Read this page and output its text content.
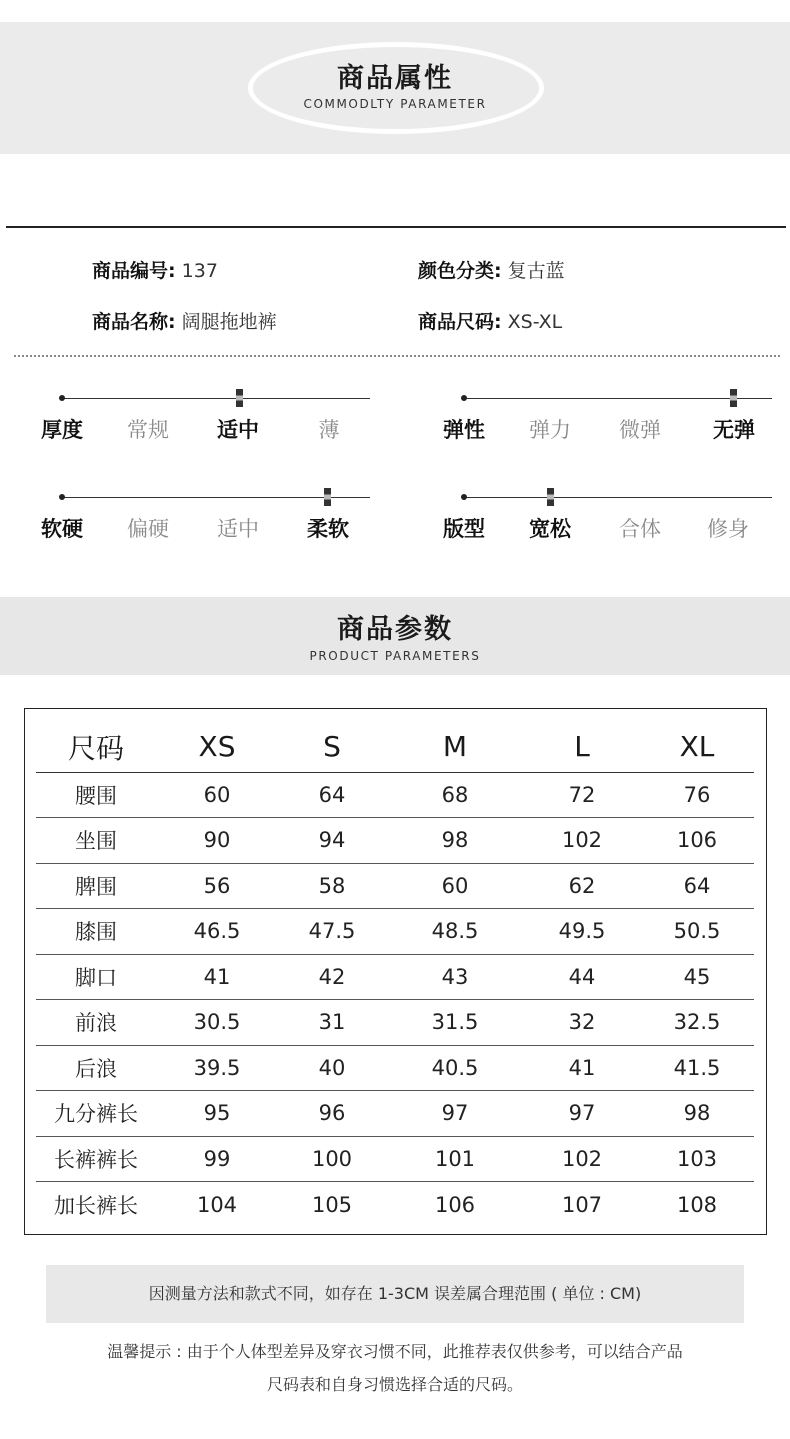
商品属性
COMMODLTY PARAMETER
商品编号: 137	颜色分类: 复古蓝
商品名称: 阔腿拖地裤	商品尺码: XS-XL
厚度	常规	适中	薄	弹性	弹力	微弹	无弹
软硬	偏硬	适中	柔软	版型	宽松	合体	修身
商品参数
PRODUCT PARAMETERS
尺码	XS	S	M	L	XL
腰围	60	64	68	72	76
坐围	90	94	98	102	106
脾围	56	58	60	62	64
膝围	46.5	47.5	48.5	49.5	50.5
脚口	41	42	43	44	45
前浪	30.5	31	31.5	32	32.5
后浪	39.5	40	40.5	41	41.5
九分裤长	95	96	97	97	98
长裤裤长	99	100	101	102	103
加长裤长	104	105	106	107	108
因测量方法和款式不同，如存在 1-3CM 误差属合理范围 ( 单位 : CM)
温馨提示 : 由于个人体型差异及穿衣习惯不同，此推荐表仅供参考，可以结合产品
尺码表和自身习惯选择合适的尺码。
